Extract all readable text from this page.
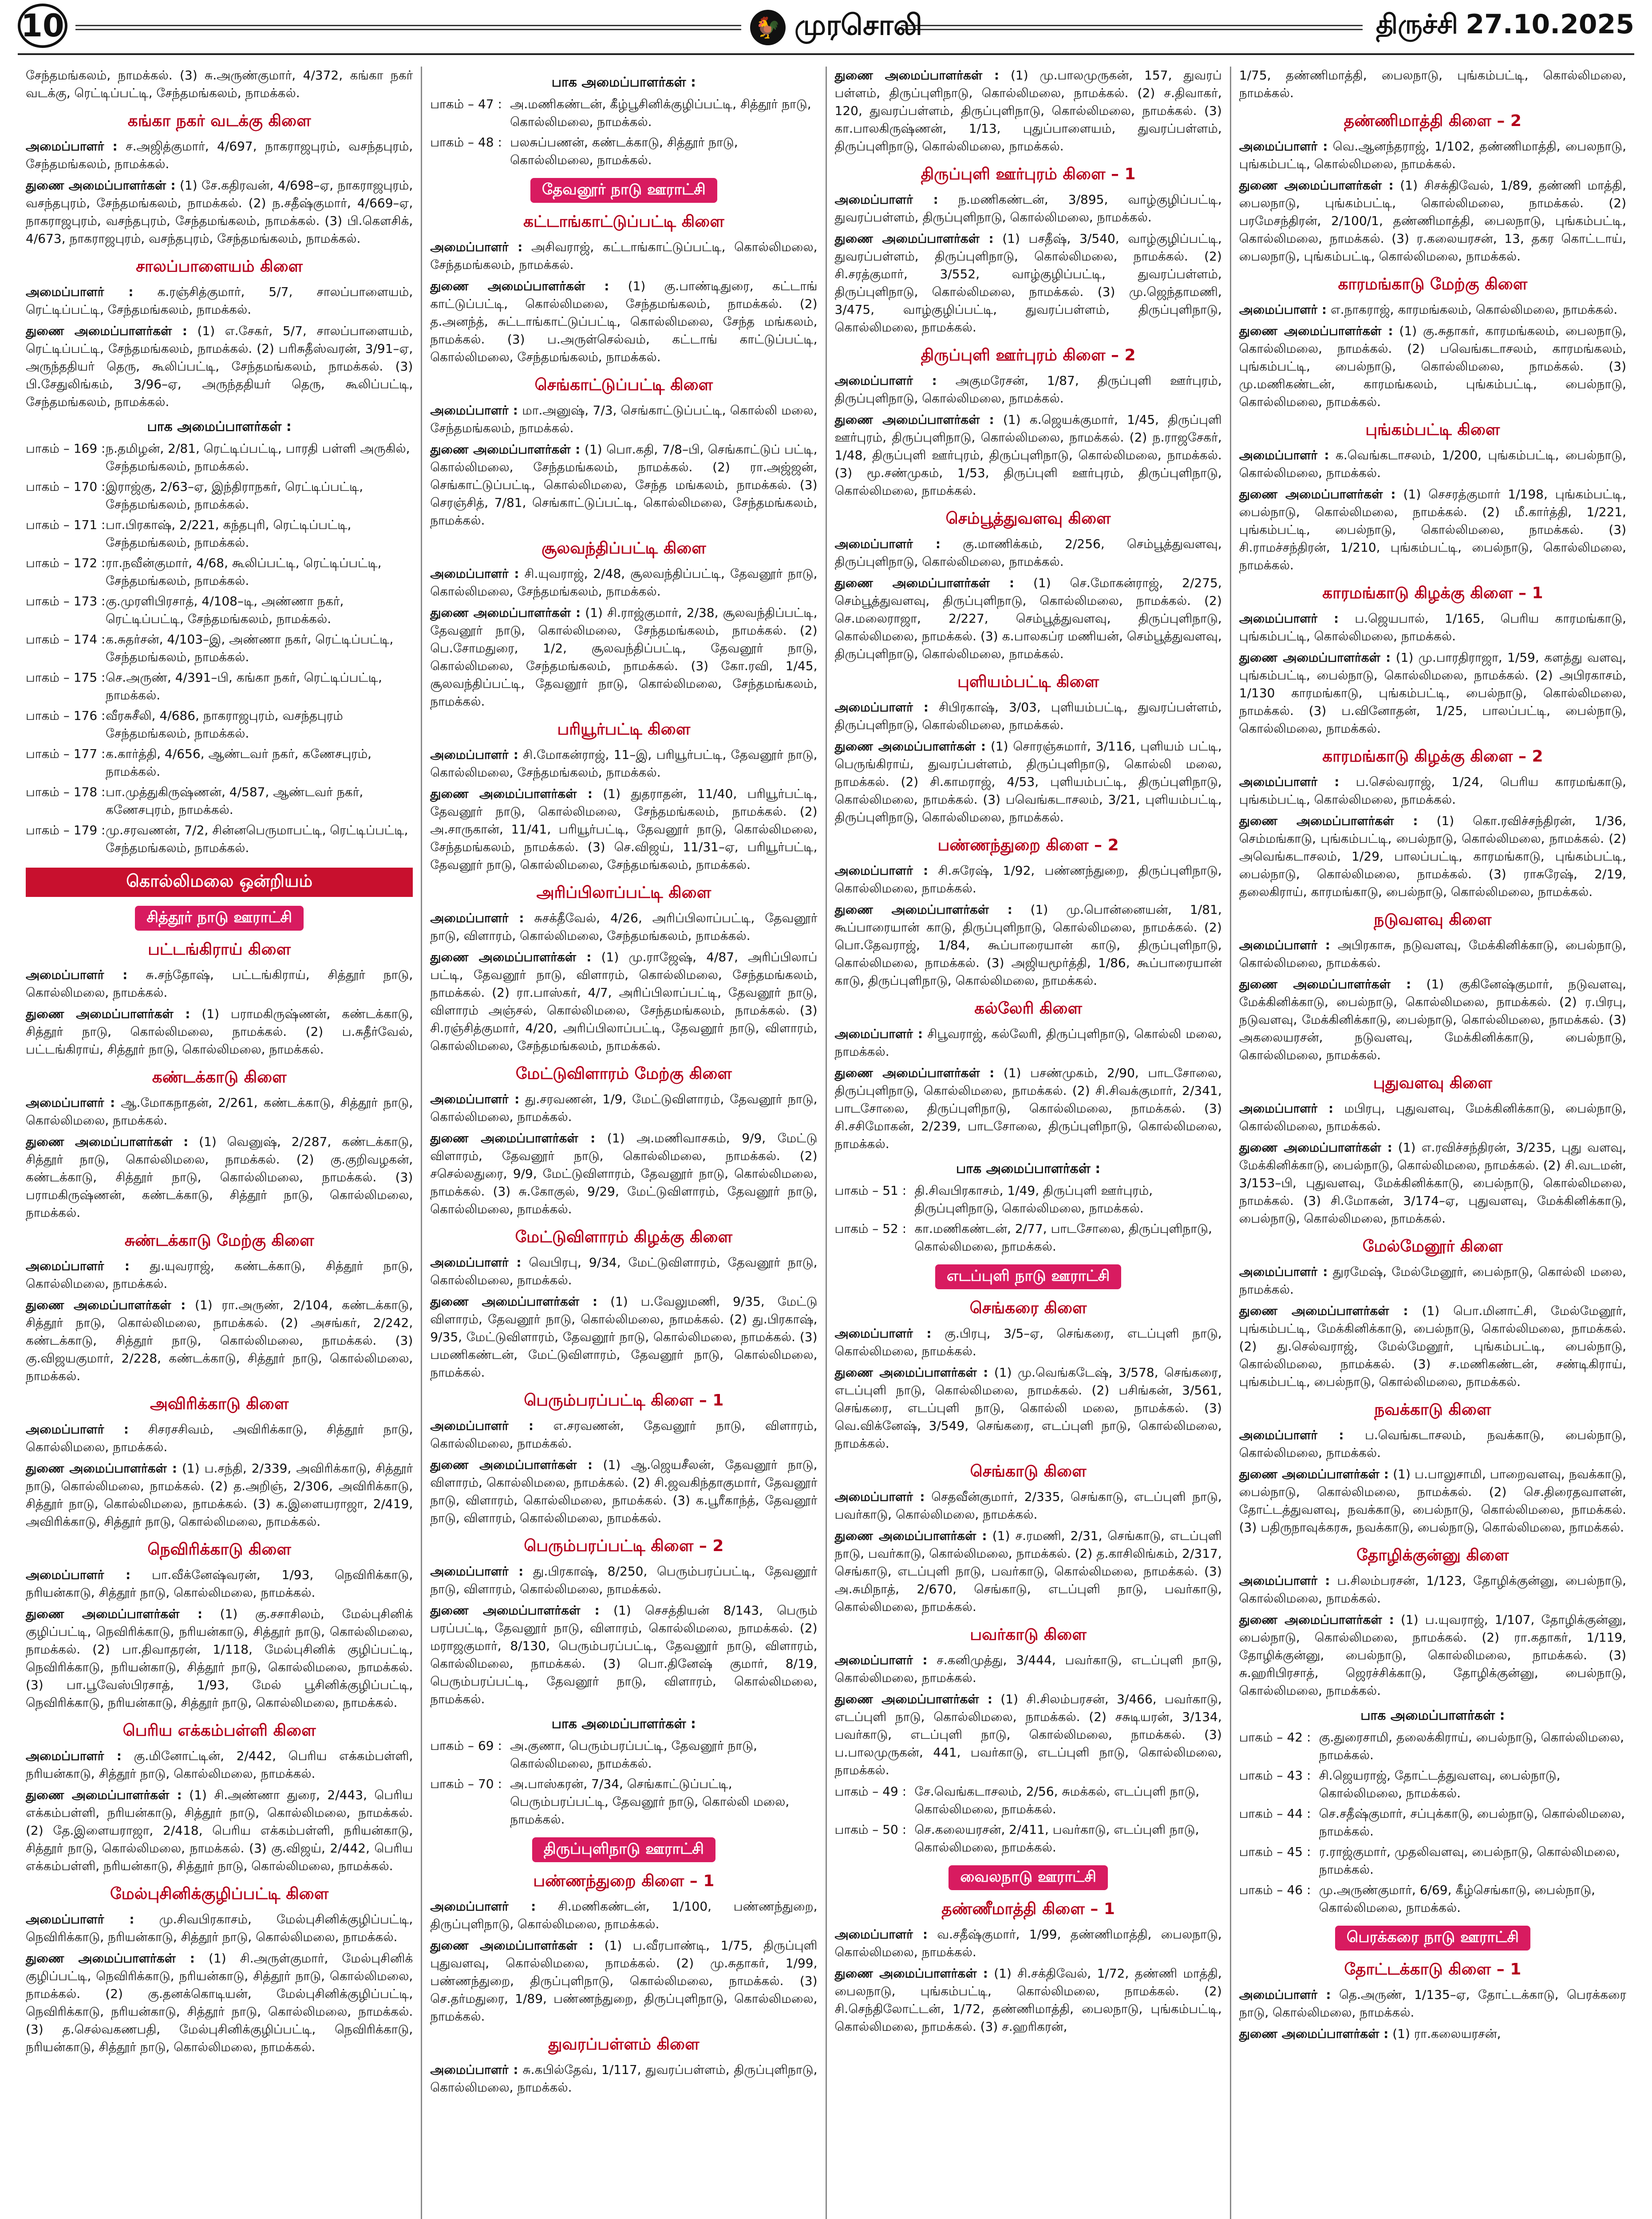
10	🐓 முரசொலி	திருச்சி 27.10.2025

சேந்தமங்கலம், நாமக்கல். (3) சு.அருண்குமார், 4/372, கங்கா நகர் வடக்கு, ரெட்டிப்பட்டி, சேந்தமங்கலம், நாமக்கல்.

கங்கா நகர் வடக்கு கிளை

அமைப்பாளர் : ச.அஜித்குமார், 4/697, நாகராஜபுரம், வசந்தபுரம், சேந்தமங்கலம், நாமக்கல்.

துணை அமைப்பாளர்கள் : (1) சே.கதிரவன், 4/698–ஏ, நாகராஜபுரம், வசந்தபுரம், சேந்தமங்கலம், நாமக்கல். (2) ந.சதீஷ்குமார், 4/669–ஏ, நாகராஜபுரம், வசந்தபுரம், சேந்தமங்கலம், நாமக்கல். (3) பி.கௌசிக், 4/673, நாகராஜபுரம், வசந்தபுரம், சேந்தமங்கலம், நாமக்கல்.

சாலப்பாளையம் கிளை

அமைப்பாளர் : க.ரஞ்சித்குமார், 5/7, சாலப்பாளையம், ரெட்டிப்பட்டி, சேந்தமங்கலம், நாமக்கல்.

துணை அமைப்பாளர்கள் : (1) எ.சேகர், 5/7, சாலப்பாளையம், ரெட்டிப்பட்டி, சேந்தமங்கலம், நாமக்கல். (2) பரிசுதீஸ்வரன், 3/91–ஏ, அருந்ததியர் தெரு, கூலிப்பட்டி, சேந்தமங்கலம், நாமக்கல். (3) பி.சேதுலிங்கம், 3/96–ஏ, அருந்ததியர் தெரு, கூலிப்பட்டி, சேந்தமங்கலம், நாமக்கல்.

பாக அமைப்பாளர்கள் :
பாகம் – 169 : ந.தமிழன், 2/81, ரெட்டிப்பட்டி, பாரதி பள்ளி அருகில், சேந்தமங்கலம், நாமக்கல்.
பாகம் – 170 : இராஜ்கு, 2/63–ஏ, இந்திராநகர், ரெட்டிப்பட்டி, சேந்தமங்கலம், நாமக்கல்.
பாகம் – 171 : பா.பிரகாஷ், 2/221, கந்தபுரி, ரெட்டிப்பட்டி, சேந்தமங்கலம், நாமக்கல்.
பாகம் – 172 : ரா.நவீன்குமார், 4/68, கூலிப்பட்டி, ரெட்டிப்பட்டி, சேந்தமங்கலம், நாமக்கல்.
பாகம் – 173 : கு.முரளிபிரசாத், 4/108–டி, அண்ணா நகர், ரெட்டிப்பட்டி, சேந்தமங்கலம், நாமக்கல்.
பாகம் – 174 : க.சுதர்சன், 4/103–இ, அண்ணா நகர், ரெட்டிப்பட்டி, சேந்தமங்கலம், நாமக்கல்.
பாகம் – 175 : செ.அருண், 4/391–பி, கங்கா நகர், ரெட்டிப்பட்டி, நாமக்கல்.
பாகம் – 176 : வீரசுசீலி, 4/686, நாகராஜபுரம், வசந்தபுரம் சேந்தமங்கலம், நாமக்கல்.
பாகம் – 177 : க.கார்த்தி, 4/656, ஆண்டவர் நகர், கணேசபுரம், நாமக்கல்.
பாகம் – 178 : பா.முத்துகிருஷ்ணன், 4/587, ஆண்டவர் நகர், கணேசபுரம், நாமக்கல்.
பாகம் – 179 : மு.சரவணன், 7/2, சின்னபெருமாபட்டி, ரெட்டிப்பட்டி, சேந்தமங்கலம், நாமக்கல்.
கொல்லிமலை ஒன்றியம்
சித்தூர் நாடு ஊராட்சி
பட்டங்கிராய் கிளை

அமைப்பாளர் : சு.சந்தோஷ், பட்டங்கிராய், சித்தூர் நாடு, கொல்லிமலை, நாமக்கல்.

துணை அமைப்பாளர்கள் : (1) பராமகிருஷ்ணன், கண்டக்காடு, சித்தூர் நாடு, கொல்லிமலை, நாமக்கல். (2) ப.சுதீர்வேல், பட்டங்கிராய், சித்தூர் நாடு, கொல்லிமலை, நாமக்கல்.

கண்டக்காடு கிளை

அமைப்பாளர் : ஆ.மோகநாதன், 2/261, கண்டக்காடு, சித்தூர் நாடு, கொல்லிமலை, நாமக்கல்.

துணை அமைப்பாளர்கள் : (1) வெனுஷ், 2/287, கண்டக்காடு, சித்தூர் நாடு, கொல்லிமலை, நாமக்கல். (2) கு.குறிவழகன், கண்டக்காடு, சித்தூர் நாடு, கொல்லிமலை, நாமக்கல். (3) பராமகிருஷ்ணன், கண்டக்காடு, சித்தூர் நாடு, கொல்லிமலை, நாமக்கல்.

சுண்டக்காடு மேற்கு கிளை

அமைப்பாளர் : து.யுவராஜ், கண்டக்காடு, சித்தூர் நாடு, கொல்லிமலை, நாமக்கல்.

துணை அமைப்பாளர்கள் : (1) ரா.அருண், 2/104, கண்டக்காடு, சித்தூர் நாடு, கொல்லிமலை, நாமக்கல். (2) அசங்கர், 2/242, கண்டக்காடு, சித்தூர் நாடு, கொல்லிமலை, நாமக்கல். (3) கு.விஜயகுமார், 2/228, கண்டக்காடு, சித்தூர் நாடு, கொல்லிமலை, நாமக்கல்.

அவிரிக்காடு கிளை

அமைப்பாளர் : சிசரசசிவம், அவிரிக்காடு, சித்தூர் நாடு, கொல்லிமலை, நாமக்கல்.

துணை அமைப்பாளர்கள் : (1) ப.சந்தி, 2/339, அவிரிக்காடு, சித்தூர் நாடு, கொல்லிமலை, நாமக்கல். (2) த.அறிஞ், 2/306, அவிரிக்காடு, சித்தூர் நாடு, கொல்லிமலை, நாமக்கல். (3) க.இளையராஜா, 2/419, அவிரிக்காடு, சித்தூர் நாடு, கொல்லிமலை, நாமக்கல்.

நெவிரிக்காடு கிளை

அமைப்பாளர் : பா.வீக்னேஷ்வரன், 1/93, நெவிரிக்காடு, நரியன்காடு, சித்தூர் நாடு, கொல்லிமலை, நாமக்கல்.

துணை அமைப்பாளர்கள் : (1) கு.சசாசிலம், மேல்புசினிக் குழிப்பட்டி, நெவிரிக்காடு, நரியன்காடு, சித்தூர் நாடு, கொல்லிமலை, நாமக்கல். (2) பா.திவாதரன், 1/118, மேல்புசினிக் குழிப்பட்டி, நெவிரிக்காடு, நரியன்காடு, சித்தூர் நாடு, கொல்லிமலை, நாமக்கல். (3) பா.பூவேஸ்பிரசாத், 1/93, மேல் பூசினிக்குழிப்பட்டி, நெவிரிக்காடு, நரியன்காடு, சித்தூர் நாடு, கொல்லிமலை, நாமக்கல்.

பெரிய எக்கம்பள்ளி கிளை

அமைப்பாளர் : கு.மினோட்டின், 2/442, பெரிய எக்கம்பள்ளி, நரியன்காடு, சித்தூர் நாடு, கொல்லிமலை, நாமக்கல்.

துணை அமைப்பாளர்கள் : (1) சி.அண்ணா துரை, 2/443, பெரிய எக்கம்பள்ளி, நரியன்காடு, சித்தூர் நாடு, கொல்லிமலை, நாமக்கல். (2) தே.இளையராஜா, 2/418, பெரிய எக்கம்பள்ளி, நரியன்காடு, சித்தூர் நாடு, கொல்லிமலை, நாமக்கல். (3) கு.விஜய், 2/442, பெரிய எக்கம்பள்ளி, நரியன்காடு, சித்தூர் நாடு, கொல்லிமலை, நாமக்கல்.

மேல்புசினிக்குழிப்பட்டி கிளை

அமைப்பாளர் : மு.சிவபிரகாசம், மேல்புசினிக்குழிப்பட்டி, நெவிரிக்காடு, நரியன்காடு, சித்தூர் நாடு, கொல்லிமலை, நாமக்கல்.

துணை அமைப்பாளர்கள் : (1) சி.அருள்குமார், மேல்புசினிக் குழிப்பட்டி, நெவிரிக்காடு, நரியன்காடு, சித்தூர் நாடு, கொல்லிமலை, நாமக்கல். (2) கு.தனக்கொடியன், மேல்புசினிக்குழிப்பட்டி, நெவிரிக்காடு, நரியன்காடு, சித்தூர் நாடு, கொல்லிமலை, நாமக்கல். (3) த.செல்வகணபதி, மேல்புசினிக்குழிப்பட்டி, நெவிரிக்காடு, நரியன்காடு, சித்தூர் நாடு, கொல்லிமலை, நாமக்கல்.

பாக அமைப்பாளர்கள் :
பாகம் – 47 : அ.மணிகண்டன், கீழ்பூசினிக்குழிப்பட்டி, சித்தூர் நாடு, கொல்லிமலை, நாமக்கல்.
பாகம் – 48 : பலசுப்பணன், கண்டக்காடு, சித்தூர் நாடு, கொல்லிமலை, நாமக்கல்.
தேவனூர் நாடு ஊராட்சி
கட்டாங்காட்டுப்பட்டி கிளை

அமைப்பாளர் : அசிவராஜ், கட்டாங்காட்டுப்பட்டி, கொல்லிமலை, சேந்தமங்கலம், நாமக்கல்.

துணை அமைப்பாளர்கள் : (1) கு.பாண்டிதுரை, கட்டாங் காட்டுப்பட்டி, கொல்லிமலை, சேந்தமங்கலம், நாமக்கல். (2) த.அனந்த், சுட்டாங்காட்டுப்பட்டி, கொல்லிமலை, சேந்த மங்கலம், நாமக்கல். (3) ப.அருள்செல்வம், கட்டாங் காட்டுப்பட்டி, கொல்லிமலை, சேந்தமங்கலம், நாமக்கல்.

செங்காட்டுப்பட்டி கிளை

அமைப்பாளர் : மா.அனுஷ், 7/3, செங்காட்டுப்பட்டி, கொல்லி மலை, சேந்தமங்கலம், நாமக்கல்.

துணை அமைப்பாளர்கள் : (1) பொ.கதி, 7/8–பி, செங்காட்டுப் பட்டி, கொல்லிமலை, சேந்தமங்கலம், நாமக்கல். (2) ரா.அஜ்ஜன், செங்காட்டுப்பட்டி, கொல்லிமலை, சேந்த மங்கலம், நாமக்கல். (3) செரஞ்சித், 7/81, செங்காட்டுப்பட்டி, கொல்லிமலை, சேந்தமங்கலம், நாமக்கல்.

சூலவந்திப்பட்டி கிளை

அமைப்பாளர் : சி.யுவராஜ், 2/48, சூலவந்திப்பட்டி, தேவனூர் நாடு, கொல்லிமலை, சேந்தமங்கலம், நாமக்கல்.

துணை அமைப்பாளர்கள் : (1) சி.ராஜ்குமார், 2/38, சூலவந்திப்பட்டி, தேவனூர் நாடு, கொல்லிமலை, சேந்தமங்கலம், நாமக்கல். (2) பெ.சோமதுரை, 1/2, சூலவந்திப்பட்டி, தேவனூர் நாடு, கொல்லிமலை, சேந்தமங்கலம், நாமக்கல். (3) கோ.ரவி, 1/45, சூலவந்திப்பட்டி, தேவனூர் நாடு, கொல்லிமலை, சேந்தமங்கலம், நாமக்கல்.

பரியூர்பட்டி கிளை

அமைப்பாளர் : சி.மோகன்ராஜ், 11–இ, பரியூர்பட்டி, தேவனூர் நாடு, கொல்லிமலை, சேந்தமங்கலம், நாமக்கல்.

துணை அமைப்பாளர்கள் : (1) துதராதன், 11/40, பரியூர்பட்டி, தேவனூர் நாடு, கொல்லிமலை, சேந்தமங்கலம், நாமக்கல். (2) அ.சாருகான், 11/41, பரியூர்பட்டி, தேவனூர் நாடு, கொல்லிமலை, சேந்தமங்கலம், நாமக்கல். (3) செ.விஜய், 11/31–ஏ, பரியூர்பட்டி, தேவனூர் நாடு, கொல்லிமலை, சேந்தமங்கலம், நாமக்கல்.

அரிப்பிலாப்பட்டி கிளை

அமைப்பாளர் : சுசக்தீவேல், 4/26, அரிப்பிலாப்பட்டி, தேவனூர் நாடு, விளாரம், கொல்லிமலை, சேந்தமங்கலம், நாமக்கல்.

துணை அமைப்பாளர்கள் : (1) மு.ராஜேஷ், 4/87, அரிப்பிலாப் பட்டி, தேவனூர் நாடு, விளாரம், கொல்லிமலை, சேந்தமங்கலம், நாமக்கல். (2) ரா.பாஸ்கர், 4/7, அரிப்பிலாப்பட்டி, தேவனூர் நாடு, விளாரம் அஞ்சல், கொல்லிமலை, சேந்தமங்கலம், நாமக்கல். (3) சி.ரஞ்சித்குமார், 4/20, அரிப்பிலாப்பட்டி, தேவனூர் நாடு, விளாரம், கொல்லிமலை, சேந்தமங்கலம், நாமக்கல்.

மேட்டுவிளாரம் மேற்கு கிளை

அமைப்பாளர் : து.சரவணன், 1/9, மேட்டுவிளாரம், தேவனூர் நாடு, கொல்லிமலை, நாமக்கல்.

துணை அமைப்பாளர்கள் : (1) அ.மணிவாசகம், 9/9, மேட்டு விளாரம், தேவனூர் நாடு, கொல்லிமலை, நாமக்கல். (2) சசெல்லதுரை, 9/9, மேட்டுவிளாரம், தேவனூர் நாடு, கொல்லிமலை, நாமக்கல். (3) சு.கோகுல், 9/29, மேட்டுவிளாரம், தேவனூர் நாடு, கொல்லிமலை, நாமக்கல்.

மேட்டுவிளாரம் கிழக்கு கிளை

அமைப்பாளர் : வெபிரபு, 9/34, மேட்டுவிளாரம், தேவனூர் நாடு, கொல்லிமலை, நாமக்கல்.

துணை அமைப்பாளர்கள் : (1) ப.வேலுமணி, 9/35, மேட்டு விளாரம், தேவனூர் நாடு, கொல்லிமலை, நாமக்கல். (2) து.பிரகாஷ், 9/35, மேட்டுவிளாரம், தேவனூர் நாடு, கொல்லிமலை, நாமக்கல். (3) பமணிகண்டன், மேட்டுவிளாரம், தேவனூர் நாடு, கொல்லிமலை, நாமக்கல்.

பெரும்பரப்பட்டி கிளை – 1

அமைப்பாளர் : எ.சரவணன், தேவனூர் நாடு, விளாரம், கொல்லிமலை, நாமக்கல்.

துணை அமைப்பாளர்கள் : (1) ஆ.ஜெயசீலன், தேவனூர் நாடு, விளாரம், கொல்லிமலை, நாமக்கல். (2) சி.ஜவகிந்தாகுமார், தேவனூர் நாடு, விளாரம், கொல்லிமலை, நாமக்கல். (3) க.பூரீகாந்த், தேவனூர் நாடு, விளாரம், கொல்லிமலை, நாமக்கல்.

பெரும்பரப்பட்டி கிளை – 2

அமைப்பாளர் : து.பிரகாஷ், 8/250, பெரும்பரப்பட்டி, தேவனூர் நாடு, விளாரம், கொல்லிமலை, நாமக்கல்.

துணை அமைப்பாளர்கள் : (1) செசத்தியன் 8/143, பெரும் பரப்பட்டி, தேவனூர் நாடு, விளாரம், கொல்லிமலை, நாமக்கல். (2) மராஜகுமார், 8/130, பெரும்பரப்பட்டி, தேவனூர் நாடு, விளாரம், கொல்லிமலை, நாமக்கல். (3) பொ.தினேஷ் குமார், 8/19, பெரும்பரப்பட்டி, தேவனூர் நாடு, விளாரம், கொல்லிமலை, நாமக்கல்.

பாக அமைப்பாளர்கள் :
பாகம் – 69 : அ.குணா, பெரும்பரப்பட்டி, தேவனூர் நாடு, கொல்லிமலை, நாமக்கல்.
பாகம் – 70 : அ.பாஸ்கரன், 7/34, செங்காட்டுப்பட்டி, பெரும்பரப்பட்டி, தேவனூர் நாடு, கொல்லி மலை, நாமக்கல்.
திருப்புளிநாடு ஊராட்சி
பண்ணந்துறை கிளை – 1

அமைப்பாளர் : சி.மணிகண்டன், 1/100, பண்ணந்துறை, திருப்புளிநாடு, கொல்லிமலை, நாமக்கல்.

துணை அமைப்பாளர்கள் : (1) ப.வீரபாண்டி, 1/75, திருப்புளி புதுவளவு, கொல்லிமலை, நாமக்கல். (2) மு.சுதாகர், 1/99, பண்ணந்துறை, திருப்புளிநாடு, கொல்லிமலை, நாமக்கல். (3) செ.தர்மதுரை, 1/89, பண்ணந்துறை, திருப்புளிநாடு, கொல்லிமலை, நாமக்கல்.

துவரப்பள்ளம் கிளை

அமைப்பாளர் : சு.கபில்தேவ், 1/117, துவரப்பள்ளம், திருப்புளிநாடு, கொல்லிமலை, நாமக்கல்.

துணை அமைப்பாளர்கள் : (1) மு.பாலமுருகன், 157, துவரப் பள்ளம், திருப்புளிநாடு, கொல்லிமலை, நாமக்கல். (2) ச.திவாகர், 120, துவரப்பள்ளம், திருப்புளிநாடு, கொல்லிமலை, நாமக்கல். (3) கா.பாலகிருஷ்ணன், 1/13, புதுப்பாளையம், துவரப்பள்ளம், திருப்புளிநாடு, கொல்லிமலை, நாமக்கல்.

திருப்புளி ஊர்புரம் கிளை – 1

அமைப்பாளர் : ந.மணிகண்டன், 3/895, வாழ்குழிப்பட்டி, துவரப்பள்ளம், திருப்புளிநாடு, கொல்லிமலை, நாமக்கல்.

துணை அமைப்பாளர்கள் : (1) பசதீஷ், 3/540, வாழ்குழிப்பட்டி, துவரப்பள்ளம், திருப்புளிநாடு, கொல்லிமலை, நாமக்கல். (2) சி.சரத்குமார், 3/552, வாழ்குழிப்பட்டி, துவரப்பள்ளம், திருப்புளிநாடு, கொல்லிமலை, நாமக்கல். (3) மு.ஜெந்தாமணி, 3/475, வாழ்குழிப்பட்டி, துவரப்பள்ளம், திருப்புளிநாடு, கொல்லிமலை, நாமக்கல்.

திருப்புளி ஊர்புரம் கிளை – 2

அமைப்பாளர் : அகுமரேசன், 1/87, திருப்புளி ஊர்புரம், திருப்புளிநாடு, கொல்லிமலை, நாமக்கல்.

துணை அமைப்பாளர்கள் : (1) க.ஜெயக்குமார், 1/45, திருப்புளி ஊர்புரம், திருப்புளிநாடு, கொல்லிமலை, நாமக்கல். (2) ந.ராஜசேகர், 1/48, திருப்புளி ஊர்புரம், திருப்புளிநாடு, கொல்லிமலை, நாமக்கல். (3) மூ.சண்முகம், 1/53, திருப்புளி ஊர்புரம், திருப்புளிநாடு, கொல்லிமலை, நாமக்கல்.

செம்பூத்துவளவு கிளை

அமைப்பாளர் : கு.மாணிக்கம், 2/256, செம்பூத்துவளவு, திருப்புளிநாடு, கொல்லிமலை, நாமக்கல்.

துணை அமைப்பாளர்கள் : (1) செ.மோகன்ராஜ், 2/275, செம்பூத்துவளவு, திருப்புளிநாடு, கொல்லிமலை, நாமக்கல். (2) செ.மலைராஜா, 2/227, செம்பூத்துவளவு, திருப்புளிநாடு, கொல்லிமலை, நாமக்கல். (3) க.பாலகப்ர மணியன், செம்பூத்துவளவு, திருப்புளிநாடு, கொல்லிமலை, நாமக்கல்.

புளியம்பட்டி கிளை

அமைப்பாளர் : சிபிரகாஷ், 3/03, புளியம்பட்டி, துவரப்பள்ளம், திருப்புளிநாடு, கொல்லிமலை, நாமக்கல்.

துணை அமைப்பாளர்கள் : (1) சொரஞ்சுமார், 3/116, புளியம் பட்டி, பெருங்கிராய், துவரப்பள்ளம், திருப்புளிநாடு, கொல்லி மலை, நாமக்கல். (2) சி.காமராஜ், 4/53, புளியம்பட்டி, திருப்புளிநாடு, கொல்லிமலை, நாமக்கல். (3) பவெங்கடாசலம், 3/21, புளியம்பட்டி, திருப்புளிநாடு, கொல்லிமலை, நாமக்கல்.

பண்ணந்துறை கிளை – 2

அமைப்பாளர் : சி.சுரேஷ், 1/92, பண்ணந்துறை, திருப்புளிநாடு, கொல்லிமலை, நாமக்கல்.

துணை அமைப்பாளர்கள் : (1) மு.பொன்னையன், 1/81, கூப்பாரையான் காடு, திருப்புளிநாடு, கொல்லிமலை, நாமக்கல். (2) பொ.தேவராஜ், 1/84, கூப்பாரையான் காடு, திருப்புளிநாடு, கொல்லிமலை, நாமக்கல். (3) அஜியமூர்த்தி, 1/86, கூப்பாரையான் காடு, திருப்புளிநாடு, கொல்லிமலை, நாமக்கல்.

கல்லேரி கிளை

அமைப்பாளர் : சிபூவராஜ், கல்லேரி, திருப்புளிநாடு, கொல்லி மலை, நாமக்கல்.

துணை அமைப்பாளர்கள் : (1) பசண்முகம், 2/90, பாடசோலை, திருப்புளிநாடு, கொல்லிமலை, நாமக்கல். (2) சி.சிவக்குமார், 2/341, பாடசோலை, திருப்புளிநாடு, கொல்லிமலை, நாமக்கல். (3) சி.சசிமோகன், 2/239, பாடசோலை, திருப்புளிநாடு, கொல்லிமலை, நாமக்கல்.

பாக அமைப்பாளர்கள் :
பாகம் – 51 : தி.சிவபிரகாசம், 1/49, திருப்புளி ஊர்புரம், திருப்புளிநாடு, கொல்லிமலை, நாமக்கல்.
பாகம் – 52 : கா.மணிகண்டன், 2/77, பாடசோலை, திருப்புளிநாடு, கொல்லிமலை, நாமக்கல்.
எடப்புளி நாடு ஊராட்சி
செங்கரை கிளை

அமைப்பாளர் : கு.பிரபு, 3/5–ஏ, செங்கரை, எடப்புளி நாடு, கொல்லிமலை, நாமக்கல்.

துணை அமைப்பாளர்கள் : (1) மு.வெங்கடேஷ், 3/578, செங்கரை, எடப்புளி நாடு, கொல்லிமலை, நாமக்கல். (2) பசிங்கன், 3/561, செங்கரை, எடப்புளி நாடு, கொல்லி மலை, நாமக்கல். (3) வெ.விக்னேஷ், 3/549, செங்கரை, எடப்புளி நாடு, கொல்லிமலை, நாமக்கல்.

செங்காடு கிளை

அமைப்பாளர் : செதவீன்குமார், 2/335, செங்காடு, எடப்புளி நாடு, பவர்காடு, கொல்லிமலை, நாமக்கல்.

துணை அமைப்பாளர்கள் : (1) ச.ரமணி, 2/31, செங்காடு, எடப்புளி நாடு, பவர்காடு, கொல்லிமலை, நாமக்கல். (2) த.காசிலிங்கம், 2/317, செங்காடு, எடப்புளி நாடு, பவர்காடு, கொல்லிமலை, நாமக்கல். (3) அ.சுமிநாத், 2/670, செங்காடு, எடப்புளி நாடு, பவர்காடு, கொல்லிமலை, நாமக்கல்.

பவர்காடு கிளை

அமைப்பாளர் : ச.கனிமுத்து, 3/444, பவர்காடு, எடப்புளி நாடு, கொல்லிமலை, நாமக்கல்.

துணை அமைப்பாளர்கள் : (1) சி.சிலம்பரசன், 3/466, பவர்காடு, எடப்புளி நாடு, கொல்லிமலை, நாமக்கல். (2) சசுடியரன், 3/134, பவர்காடு, எடப்புளி நாடு, கொல்லிமலை, நாமக்கல். (3) ப.பாலமுருகன், 441, பவர்காடு, எடப்புளி நாடு, கொல்லிமலை, நாமக்கல்.

பாகம் – 49 : சே.வெங்கடாசலம், 2/56, சுமக்கல், எடப்புளி நாடு, கொல்லிமலை, நாமக்கல்.
பாகம் – 50 : செ.கலையரசன், 2/411, பவர்காடு, எடப்புளி நாடு, கொல்லிமலை, நாமக்கல்.
வைலநாடு ஊராட்சி
தண்ணீமாத்தி கிளை – 1

அமைப்பாளர் : வ.சதீஷ்குமார், 1/99, தண்ணிமாத்தி, பைலநாடு, கொல்லிமலை, நாமக்கல்.

துணை அமைப்பாளர்கள் : (1) சி.சக்திவேல், 1/72, தண்ணி மாத்தி, பைலநாடு, புங்கம்பட்டி, கொல்லிமலை, நாமக்கல். (2) சி.செந்திலோட்டன், 1/72, தண்ணிமாத்தி, பைலநாடு, புங்கம்பட்டி, கொல்லிமலை, நாமக்கல். (3) ச.ஹரிகரன்,

1/75, தண்ணிமாத்தி, பைலநாடு, புங்கம்பட்டி, கொல்லிமலை, நாமக்கல்.

தண்ணிமாத்தி கிளை – 2

அமைப்பாளர் : வெ.ஆனந்தராஜ், 1/102, தண்ணிமாத்தி, பைலநாடு, புங்கம்பட்டி, கொல்லிமலை, நாமக்கல்.

துணை அமைப்பாளர்கள் : (1) சிசக்திவேல், 1/89, தண்ணி மாத்தி, பைலநாடு, புங்கம்பட்டி, கொல்லிமலை, நாமக்கல். (2) பரமேசந்திரன், 2/100/1, தண்ணிமாத்தி, பைலநாடு, புங்கம்பட்டி, கொல்லிமலை, நாமக்கல். (3) ர.கலையரசன், 13, தகர கொட்டாய், பைலநாடு, புங்கம்பட்டி, கொல்லிமலை, நாமக்கல்.

காரமங்காடு மேற்கு கிளை

அமைப்பாளர் : எ.நாகராஜ், காரமங்கலம், கொல்லிமலை, நாமக்கல்.

துணை அமைப்பாளர்கள் : (1) கு.சுதாகர், காரமங்கலம், பைலநாடு, கொல்லிமலை, நாமக்கல். (2) பவெங்கடாசலம், காரமங்கலம், புங்கம்பட்டி, பைல்நாடு, கொல்லிமலை, நாமக்கல். (3) மு.மணிகண்டன், காரமங்கலம், புங்கம்பட்டி, பைல்நாடு, கொல்லிமலை, நாமக்கல்.

புங்கம்பட்டி கிளை

அமைப்பாளர் : க.வெங்கடாசலம், 1/200, புங்கம்பட்டி, பைல்நாடு, கொல்லிமலை, நாமக்கல்.

துணை அமைப்பாளர்கள் : (1) செசரத்குமார் 1/198, புங்கம்பட்டி, பைல்நாடு, கொல்லிமலை, நாமக்கல். (2) மீ.கார்த்தி, 1/221, புங்கம்பட்டி, பைல்நாடு, கொல்லிமலை, நாமக்கல். (3) சி.ராமச்சந்திரன், 1/210, புங்கம்பட்டி, பைல்நாடு, கொல்லிமலை, நாமக்கல்.

காரமங்காடு கிழக்கு கிளை – 1

அமைப்பாளர் : ப.ஜெயபால், 1/165, பெரிய காரமங்காடு, புங்கம்பட்டி, கொல்லிமலை, நாமக்கல்.

துணை அமைப்பாளர்கள் : (1) மு.பாரதிராஜா, 1/59, களத்து வளவு, புங்கம்பட்டி, பைல்நாடு, கொல்லிமலை, நாமக்கல். (2) அபிரகாசம், 1/130 காரமங்காடு, புங்கம்பட்டி, பைல்நாடு, கொல்லிமலை, நாமக்கல். (3) ப.வினோதன், 1/25, பாலப்பட்டி, பைல்நாடு, கொல்லிமலை, நாமக்கல்.

காரமங்காடு கிழக்கு கிளை – 2

அமைப்பாளர் : ப.செல்வராஜ், 1/24, பெரிய காரமங்காடு, புங்கம்பட்டி, கொல்லிமலை, நாமக்கல்.

துணை அமைப்பாளர்கள் : (1) கொ.ரவிச்சந்திரன், 1/36, செம்மங்காடு, புங்கம்பட்டி, பைல்நாடு, கொல்லிமலை, நாமக்கல். (2) அவெங்கடாசலம், 1/29, பாலப்பட்டி, காரமங்காடு, புங்கம்பட்டி, பைல்நாடு, கொல்லிமலை, நாமக்கல். (3) ராசுரேஷ், 2/19, தலைகிராய், காரமங்காடு, பைல்நாடு, கொல்லிமலை, நாமக்கல்.

நடுவளவு கிளை

அமைப்பாளர் : அபிரகாசு, நடுவளவு, மேக்கினிக்காடு, பைல்நாடு, கொல்லிமலை, நாமக்கல்.

துணை அமைப்பாளர்கள் : (1) குகினேஷ்குமார், நடுவளவு, மேக்கினிக்காடு, பைல்நாடு, கொல்லிமலை, நாமக்கல். (2) ர.பிரபு, நடுவளவு, மேக்கினிக்காடு, பைல்நாடு, கொல்லிமலை, நாமக்கல். (3) அகலையரசன், நடுவளவு, மேக்கினிக்காடு, பைல்நாடு, கொல்லிமலை, நாமக்கல்.

புதுவளவு கிளை

அமைப்பாளர் : மபிரபு, புதுவளவு, மேக்கினிக்காடு, பைல்நாடு, கொல்லிமலை, நாமக்கல்.

துணை அமைப்பாளர்கள் : (1) எ.ரவிச்சந்திரன், 3/235, புது வளவு, மேக்கினிக்காடு, பைல்நாடு, கொல்லிமலை, நாமக்கல். (2) சி.வடமன், 3/153–பி, புதுவளவு, மேக்கினிக்காடு, பைல்நாடு, கொல்லிமலை, நாமக்கல். (3) சி.மோகன், 3/174–ஏ, புதுவளவு, மேக்கினிக்காடு, பைல்நாடு, கொல்லிமலை, நாமக்கல்.

மேல்மேனூர் கிளை

அமைப்பாளர் : துரமேஷ், மேல்மேனூர், பைல்நாடு, கொல்லி மலை, நாமக்கல்.

துணை அமைப்பாளர்கள் : (1) பொ.மினாட்சி, மேல்மேனூர், புங்கம்பட்டி, மேக்கினிக்காடு, பைல்நாடு, கொல்லிமலை, நாமக்கல். (2) து.செல்வராஜ், மேல்மேனூர், புங்கம்பட்டி, பைல்நாடு, கொல்லிமலை, நாமக்கல். (3) ச.மணிகண்டன், சண்டிகிராய், புங்கம்பட்டி, பைல்நாடு, கொல்லிமலை, நாமக்கல்.

நவக்காடு கிளை

அமைப்பாளர் : ப.வெங்கடாசலம், நவக்காடு, பைல்நாடு, கொல்லிமலை, நாமக்கல்.

துணை அமைப்பாளர்கள் : (1) ப.பாலுசாமி, பாறைவளவு, நவக்காடு, பைல்நாடு, கொல்லிமலை, நாமக்கல். (2) செ.திரைதவாளன், தோட்டத்துவளவு, நவக்காடு, பைல்நாடு, கொல்லிமலை, நாமக்கல். (3) பதிருநாவுக்கரசு, நவக்காடு, பைல்நாடு, கொல்லிமலை, நாமக்கல்.

தோழிக்குன்னு கிளை

அமைப்பாளர் : ப.சிலம்பரசன், 1/123, தோழிக்குன்னு, பைல்நாடு, கொல்லிமலை, நாமக்கல்.

துணை அமைப்பாளர்கள் : (1) ப.யுவராஜ், 1/107, தோழிக்குன்னு, பைல்நாடு, கொல்லிமலை, நாமக்கல். (2) ரா.கதாகர், 1/119, தோழிக்குன்னு, பைல்நாடு, கொல்லிமலை, நாமக்கல். (3) சு.ஹரிபிரசாத், ஜெரச்சிக்காடு, தோழிக்குன்னு, பைல்நாடு, கொல்லிமலை, நாமக்கல்.

பாக அமைப்பாளர்கள் :
பாகம் – 42 : கு.துரைசாமி, தலைக்கிராய், பைல்நாடு, கொல்லிமலை, நாமக்கல்.
பாகம் – 43 : சி.ஜெயராஜ், தோட்டத்துவளவு, பைல்நாடு, கொல்லிமலை, நாமக்கல்.
பாகம் – 44 : செ.சதீஷ்குமார், சப்புக்காடு, பைல்நாடு, கொல்லிமலை, நாமக்கல்.
பாகம் – 45 : ர.ராஜ்குமார், முதலிவளவு, பைல்நாடு, கொல்லிமலை, நாமக்கல்.
பாகம் – 46 : மு.அருண்குமார், 6/69, கீழ்செங்காடு, பைல்நாடு, கொல்லிமலை, நாமக்கல்.
பெரக்கரை நாடு ஊராட்சி
தோட்டக்காடு கிளை – 1

அமைப்பாளர் : தெ.அருண், 1/135–ஏ, தோட்டக்காடு, பெரக்கரை நாடு, கொல்லிமலை, நாமக்கல்.

துணை அமைப்பாளர்கள் : (1) ரா.கலையரசன்,
